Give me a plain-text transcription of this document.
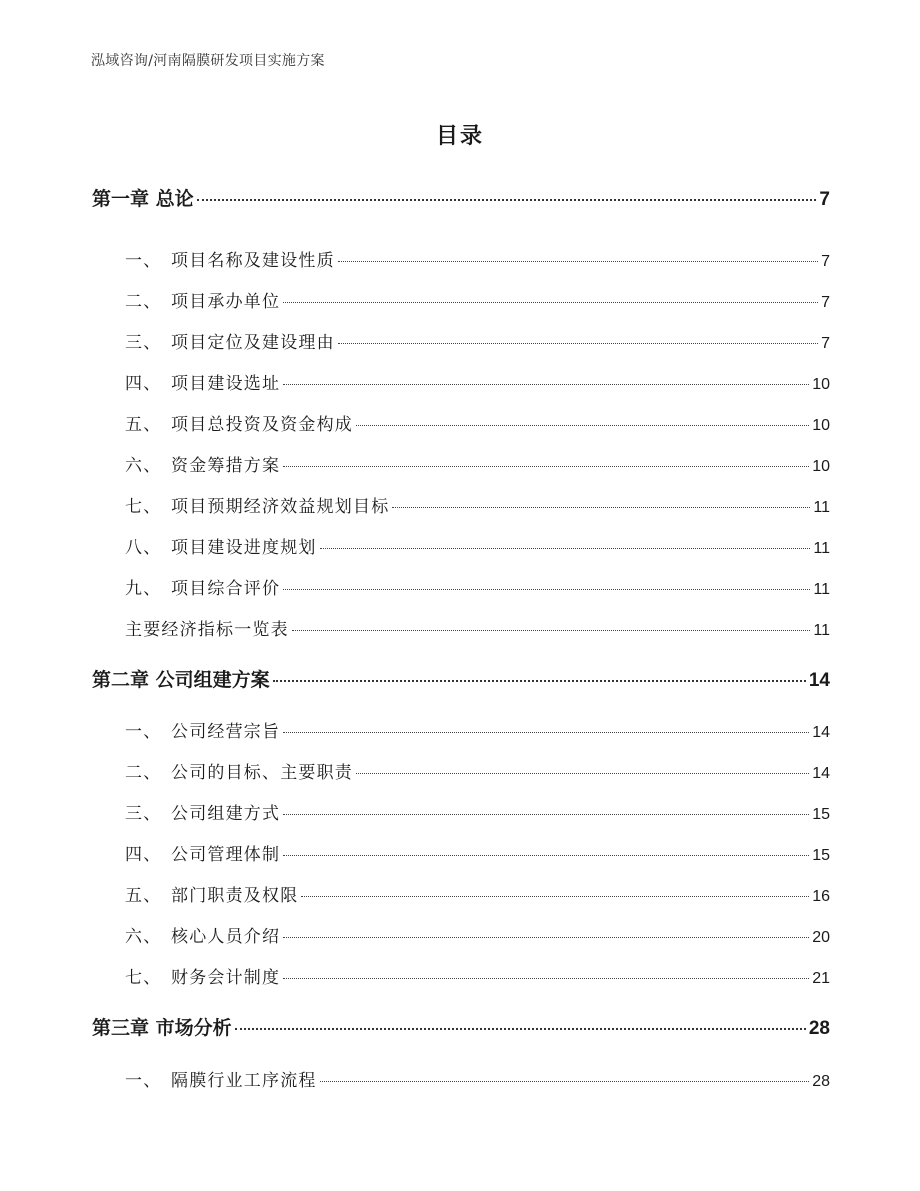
泓域咨询/河南隔膜研发项目实施方案
目录
第一章 总论	7
一、 项目名称及建设性质	7
二、 项目承办单位	7
三、 项目定位及建设理由	7
四、 项目建设选址	10
五、 项目总投资及资金构成	10
六、 资金筹措方案	10
七、 项目预期经济效益规划目标	11
八、 项目建设进度规划	11
九、 项目综合评价	11
主要经济指标一览表	11
第二章 公司组建方案	14
一、 公司经营宗旨	14
二、 公司的目标、主要职责	14
三、 公司组建方式	15
四、 公司管理体制	15
五、 部门职责及权限	16
六、 核心人员介绍	20
七、 财务会计制度	21
第三章 市场分析	28
一、 隔膜行业工序流程	28
